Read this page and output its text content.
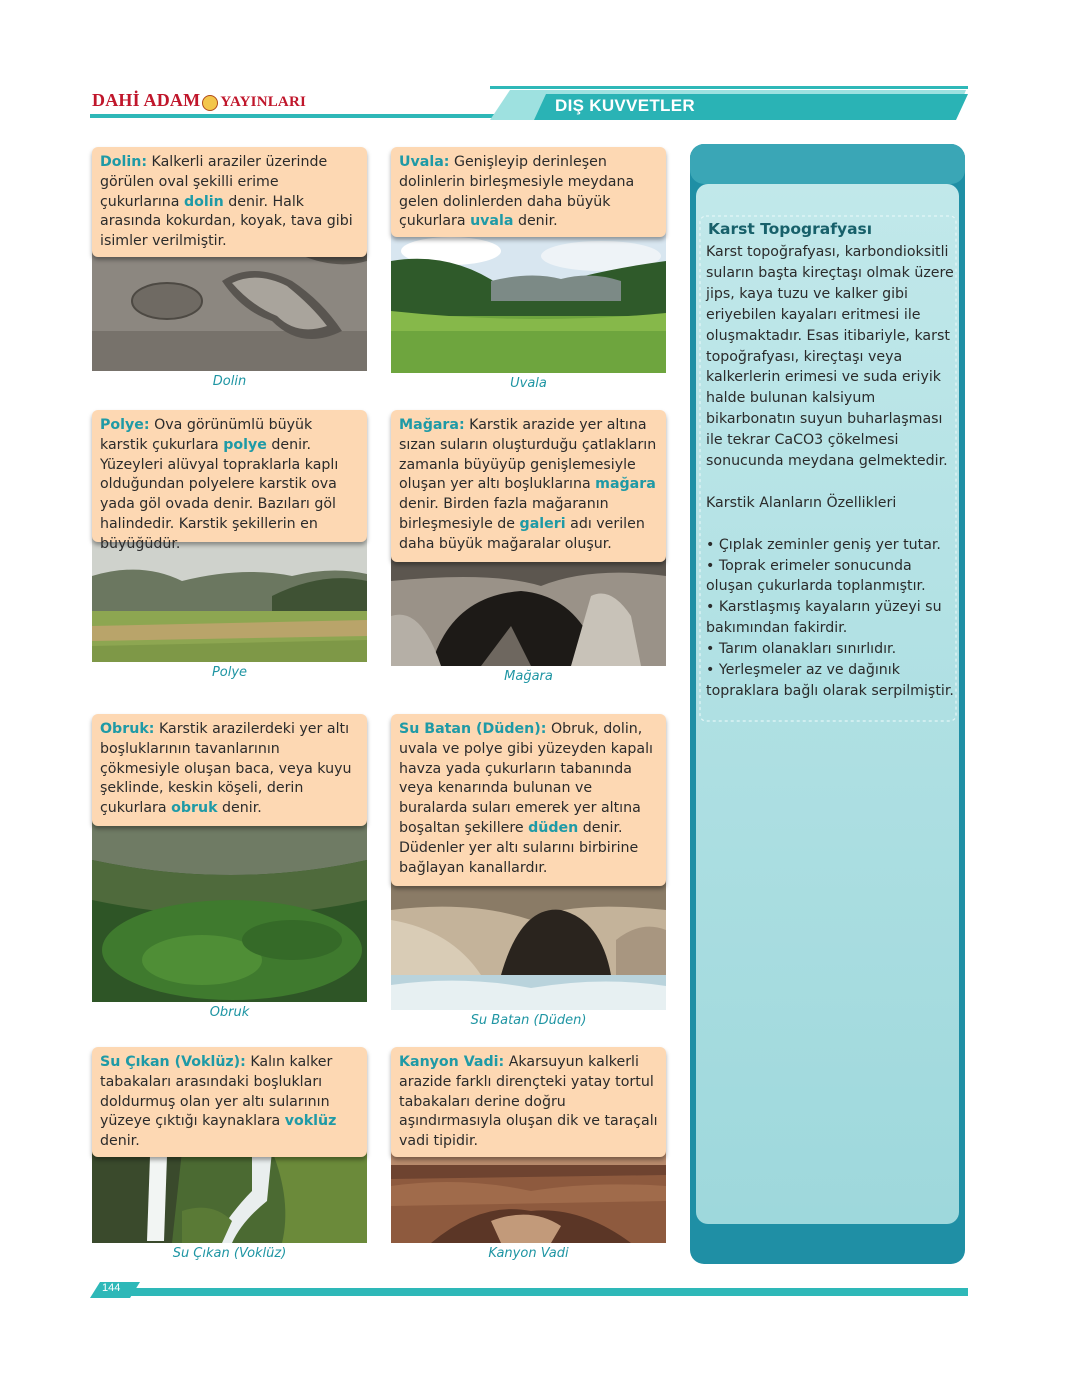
DAHİ ADAM YAYINLARI	DIŞ KUVVETLER
Dolin: Kalkerli araziler üzerinde görülen oval şekilli erime çukurlarına dolin denir. Halk arasında kokurdan, koyak, tava gibi isimler verilmiştir.
Dolin
Uvala: Genişleyip derinleşen dolinlerin birleşmesiyle meydana gelen dolinlerden daha büyük çukurlara uvala denir.
Uvala
Polye: Ova görünümlü büyük karstik çukurlara polye denir. Yüzeyleri alüvyal topraklarla kaplı olduğundan polyelere karstik ova yada göl ovada denir. Bazıları göl halindedir. Karstik şekillerin en büyüğüdür.
Polye
Mağara: Karstik arazide yer altına sızan suların oluşturduğu çatlakların zamanla büyüyüp genişlemesiyle oluşan yer altı boşluklarına mağara denir. Birden fazla mağaranın birleşmesiyle de galeri adı verilen daha büyük mağaralar oluşur.
Mağara
Obruk: Karstik arazilerdeki yer altı boşluklarının tavanlarının çökmesiyle oluşan baca, veya kuyu şeklinde, keskin köşeli, derin çukurlara obruk denir.
Obruk
Su Batan (Düden): Obruk, dolin, uvala ve polye gibi yüzeyden kapalı havza yada çukurların tabanında veya kenarında bulunan ve buralarda suları emerek yer altına boşaltan şekillere düden denir. Düdenler yer altı sularını birbirine bağlayan kanallardır.
Su Batan (Düden)
Su Çıkan (Voklüz): Kalın kalker tabakaları arasındaki boşlukları doldurmuş olan yer altı sularının yüzeye çıktığı kaynaklara voklüz denir.
Su Çıkan (Voklüz)
Kanyon Vadi: Akarsuyun kalkerli arazide farklı dirençteki yatay tortul tabakaları derine doğru aşındırmasıyla oluşan dik ve taraçalı vadi tipidir.
Kanyon Vadi
Karst Topografyası

Karst topoğrafyası, karbondioksitli suların başta kireçtaşı olmak üzere jips, kaya tuzu ve kalker gibi eriyebilen kayaları eritmesi ile oluşmaktadır. Esas itibariyle, karst topoğrafyası, kireçtaşı veya kalkerlerin erimesi ve suda eriyik halde bulunan kalsiyum bikarbonatın suyun buharlaşması ile tekrar CaCO3 çökelmesi sonucunda meydana gelmektedir.

Karstik Alanların Özellikleri

• Çıplak zeminler geniş yer tutar.

• Toprak erimeler sonucunda oluşan çukurlarda toplanmıştır.

• Karstlaşmış kayaların yüzeyi su bakımından fakirdir.

• Tarım olanakları sınırlıdır.

• Yerleşmeler az ve dağınık topraklara bağlı olarak serpilmiştir.

144
